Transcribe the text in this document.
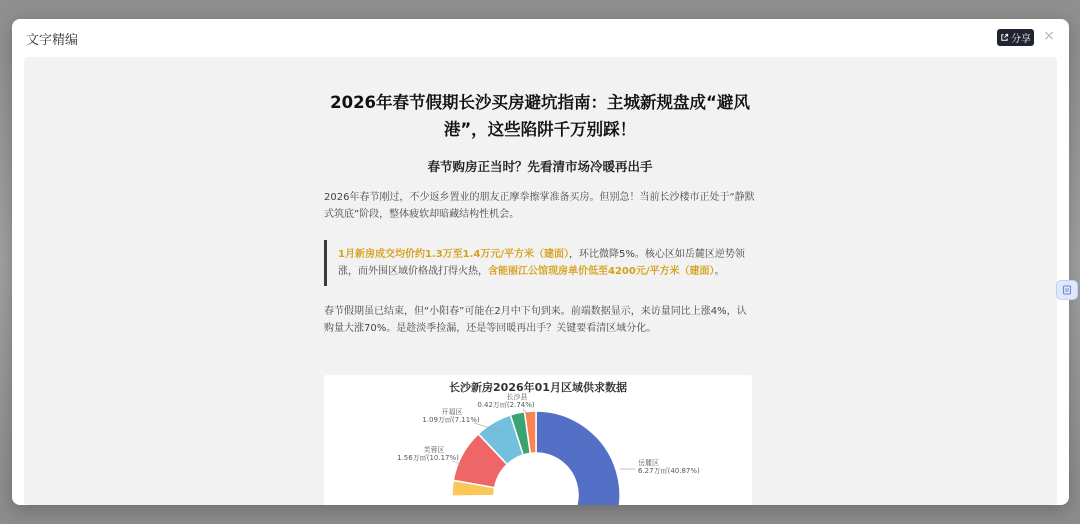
文字精编	分享 ×
2026年春节假期长沙买房避坑指南：主城新规盘成“避风
港”，这些陷阱千万别踩！
春节购房正当时？先看清市场冷暖再出手
2026年春节刚过，不少返乡置业的朋友正摩拳擦掌准备买房。但别急！当前长沙楼市正处于“静默式筑底”阶段，整体疲软却暗藏结构性机会。
1月新房成交均价约1.3万至1.4万元/平方米（建面），环比微降5%。核心区如岳麓区逆势领涨，而外围区域价格战打得火热，含能丽江公馆现房单价低至4200元/平方米（建面）。
春节假期虽已结束，但“小阳春”可能在2月中下旬到来。前端数据显示，来访量同比上涨4%，认购量大涨70%。是趁淡季捡漏，还是等回暖再出手？关键要看清区域分化。
长沙新房2026年01月区域供求数据
长沙县
0.42万㎡(2.74%)
开福区
1.09万㎡(7.11%)
芙蓉区
1.56万㎡(10.17%)
岳麓区
6.27万㎡(40.87%)
